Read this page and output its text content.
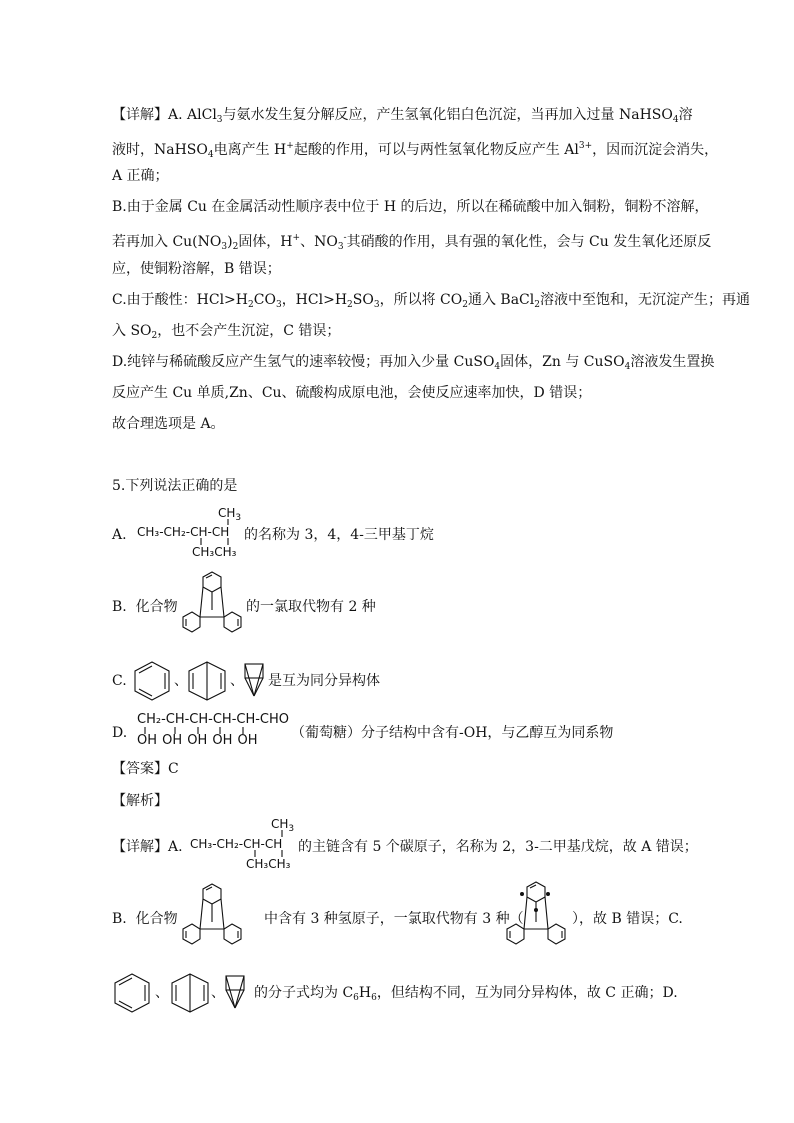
【详解】A. AlCl$_3$与氨水发生复分解反应，产生氢氧化铝白色沉淀，当再加入过量 NaHSO$_4$溶
液时，NaHSO$_4$电离产生 H+起酸的作用，可以与两性氢氧化物反应产生 $Al^{3+}$，因而沉淀会消失，
A 正确；
B.由于金属 Cu 在金属活动性顺序表中位于 H 的后边，所以在稀硫酸中加入铜粉，铜粉不溶解，
若再加入 $Cu(NO_3)_2$固体，H+、$NO_3^-$其硝酸的作用，具有强的氧化性，会与 Cu 发生氧化还原反
应，使铜粉溶解，B 错误；
C.由于酸性：$HCl>H_2CO_3$，$HCl>H_2SO_3$，所以将 $CO_2$通入 BaCl$_2$溶液中至饱和，无沉淀产生；再通
入 $SO_2$，也不会产生沉淀，C 错误；
D.纯锌与稀硫酸反应产生氢气的速率较慢；再加入少量 CuSO$_4$固体，Zn 与 CuSO$_4$溶液发生置换
反应产生 Cu 单质,Zn、Cu、硫酸构成原电池，会使反应速率加快，D 错误；
故合理选项是 A。
5.下列说法正确的是
A.
$CH_3$
CH₃-CH₂-CH-CH
CH₃CH₃
的名称为 3，4，4-三甲基丁烷
B. 化合物	的一氯取代物有 2 种
C.	、	、 是互为同分异构体
D.
CH₂-CH-CH-CH-CH-CHO
OH OH OH OH OH （葡萄糖）分子结构中含有-OH，与乙醇互为同系物
【答案】C
【解析】
【详解】A.
$CH_3$
CH₃-CH₂-CH-CH
CH₃CH₃
的主链含有 5 个碳原子，名称为 2，3-二甲基戊烷，故 A 错误；
B. 化合物	中含有 3 种氢原子，一氯取代物有 3 种（	），故 B 错误；C.
、	、 的分子式均为 $C_6H_6$，但结构不同，互为同分异构体，故 C 正确；D.
